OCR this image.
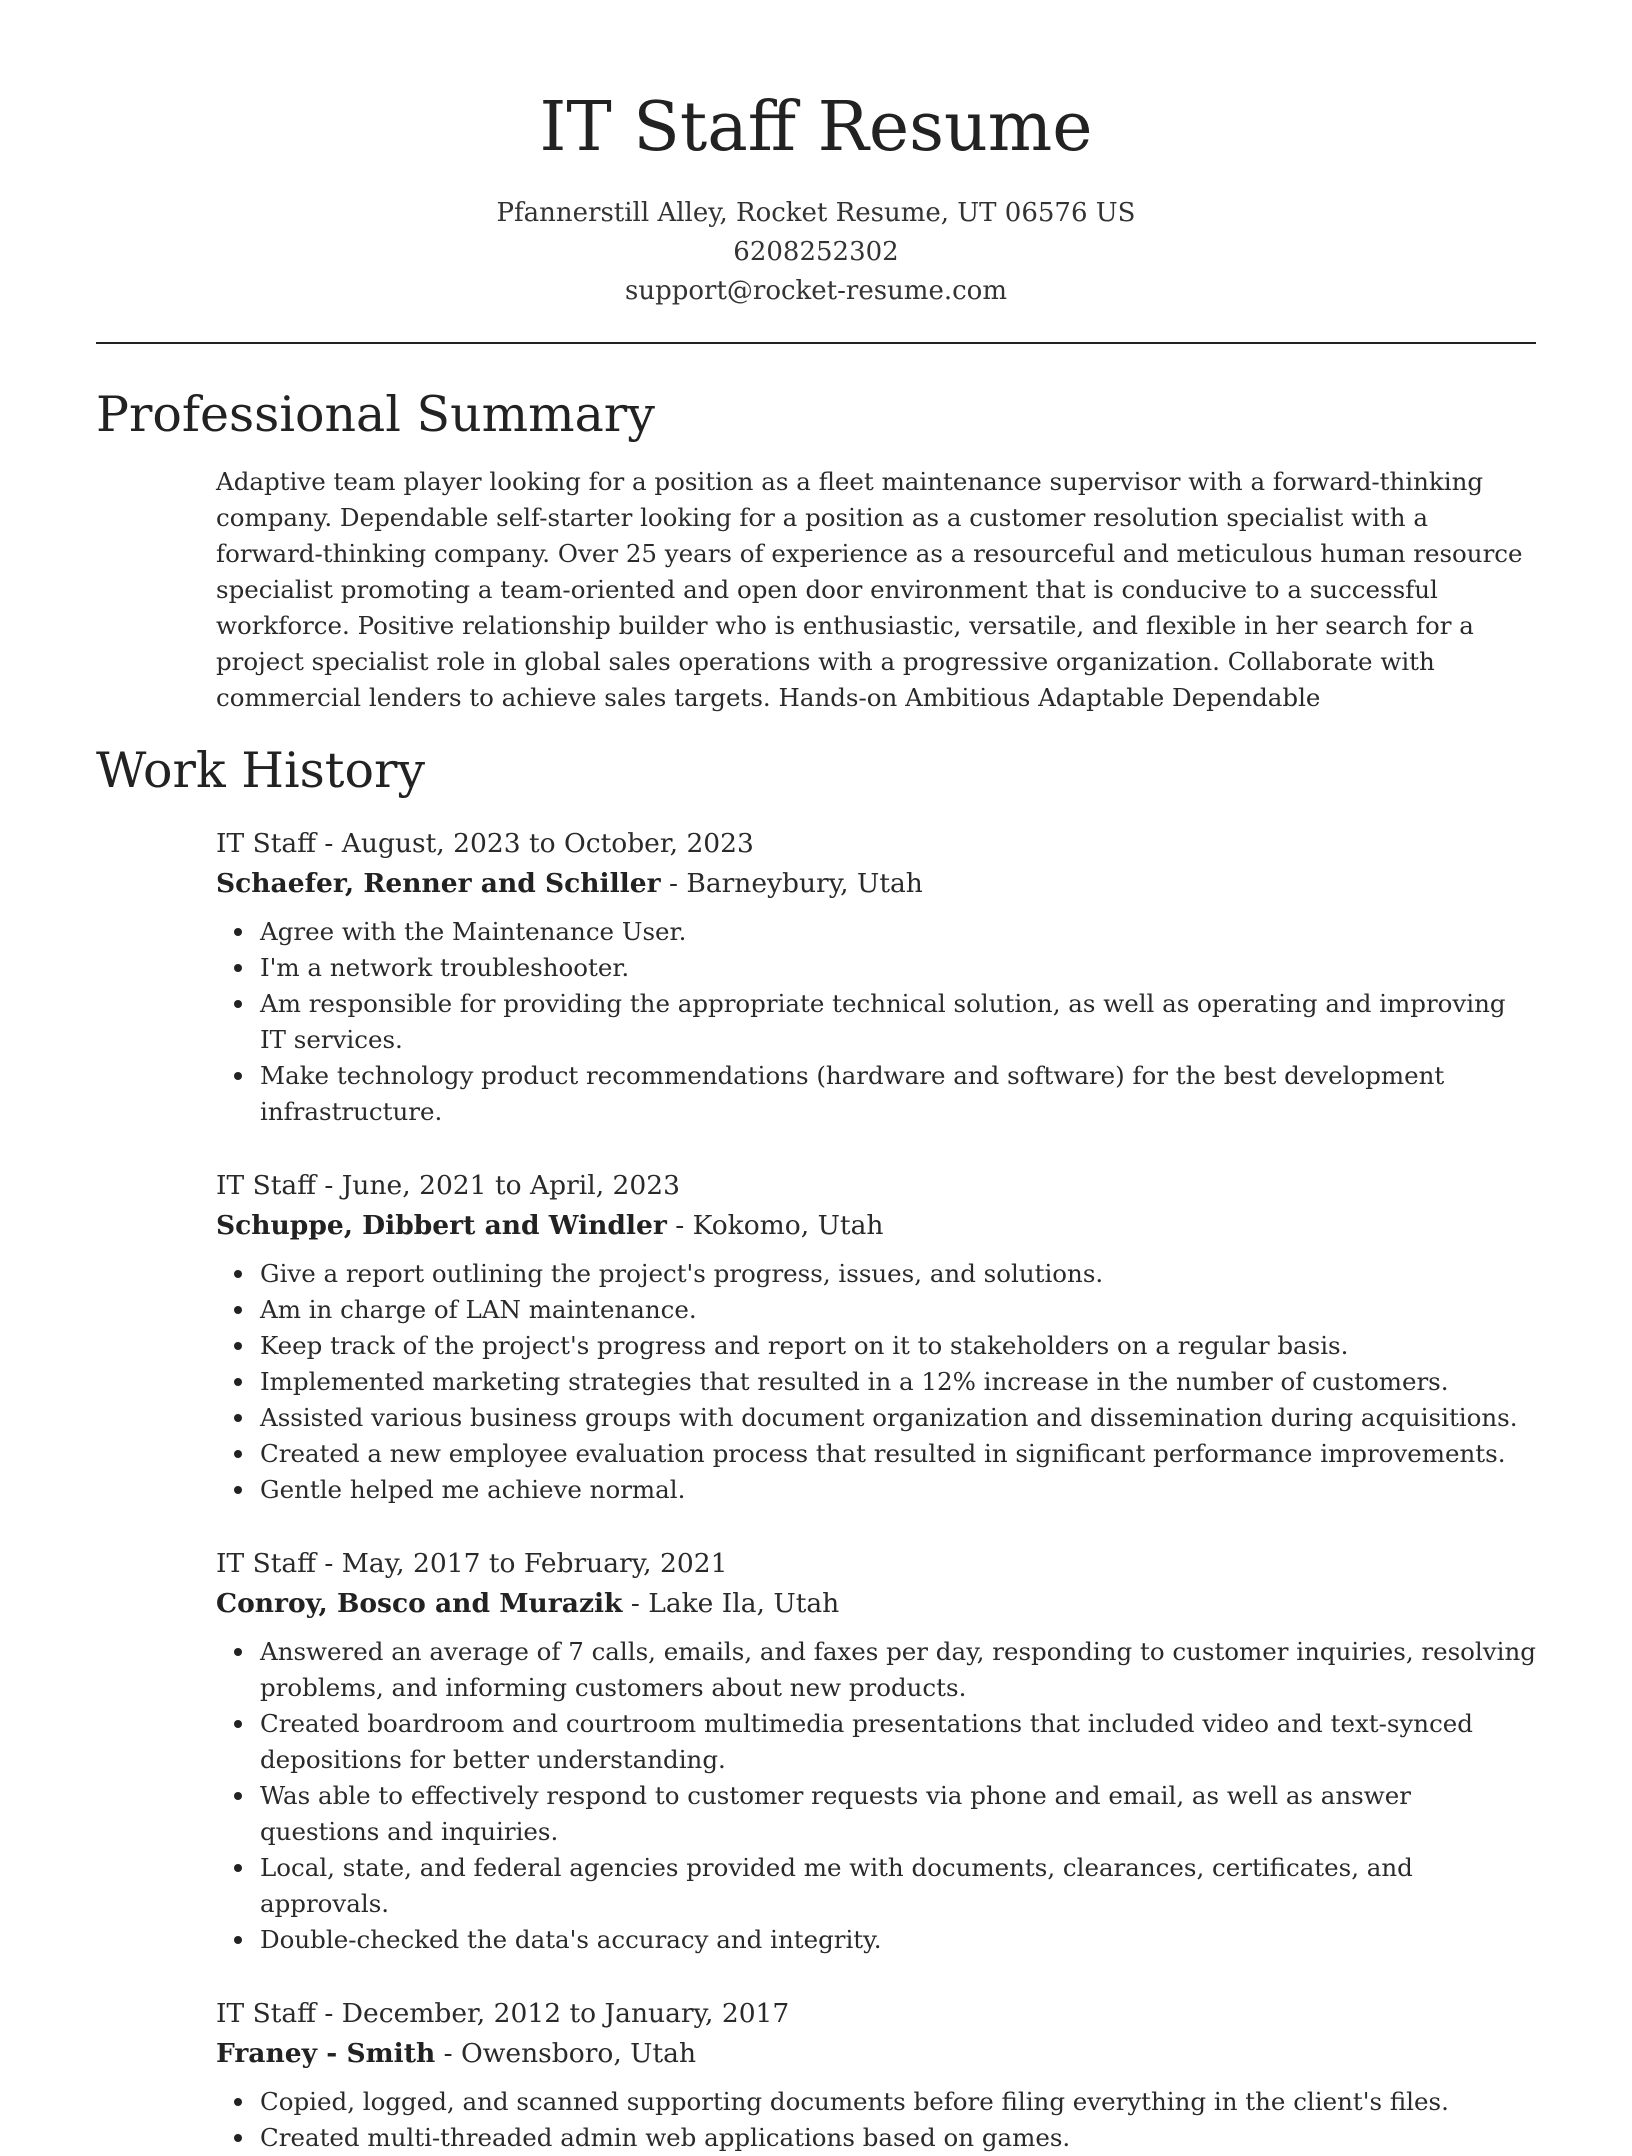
IT Staff Resume
Pfannerstill Alley, Rocket Resume, UT 06576 US
6208252302
support@rocket-resume.com
Professional Summary

Adaptive team player looking for a position as a fleet maintenance supervisor with a forward-thinking company. Dependable self-starter looking for a position as a customer resolution specialist with a forward-thinking company. Over 25 years of experience as a resourceful and meticulous human resource specialist promoting a team-oriented and open door environment that is conducive to a successful workforce. Positive relationship builder who is enthusiastic, versatile, and flexible in her search for a project specialist role in global sales operations with a progressive organization. Collaborate with commercial lenders to achieve sales targets. Hands-on Ambitious Adaptable Dependable

Work History
IT Staff - August, 2023 to October, 2023
Schaefer, Renner and Schiller - Barneybury, Utah
Agree with the Maintenance User.
I'm a network troubleshooter.
Am responsible for providing the appropriate technical solution, as well as operating and improving IT services.
Make technology product recommendations (hardware and software) for the best development infrastructure.
IT Staff - June, 2021 to April, 2023
Schuppe, Dibbert and Windler - Kokomo, Utah
Give a report outlining the project's progress, issues, and solutions.
Am in charge of LAN maintenance.
Keep track of the project's progress and report on it to stakeholders on a regular basis.
Implemented marketing strategies that resulted in a 12% increase in the number of customers.
Assisted various business groups with document organization and dissemination during acquisitions.
Created a new employee evaluation process that resulted in significant performance improvements.
Gentle helped me achieve normal.
IT Staff - May, 2017 to February, 2021
Conroy, Bosco and Murazik - Lake Ila, Utah
Answered an average of 7 calls, emails, and faxes per day, responding to customer inquiries, resolving problems, and informing customers about new products.
Created boardroom and courtroom multimedia presentations that included video and text-synced depositions for better understanding.
Was able to effectively respond to customer requests via phone and email, as well as answer questions and inquiries.
Local, state, and federal agencies provided me with documents, clearances, certificates, and approvals.
Double-checked the data's accuracy and integrity.
IT Staff - December, 2012 to January, 2017
Franey - Smith - Owensboro, Utah
Copied, logged, and scanned supporting documents before filing everything in the client's files.
Created multi-threaded admin web applications based on games.
